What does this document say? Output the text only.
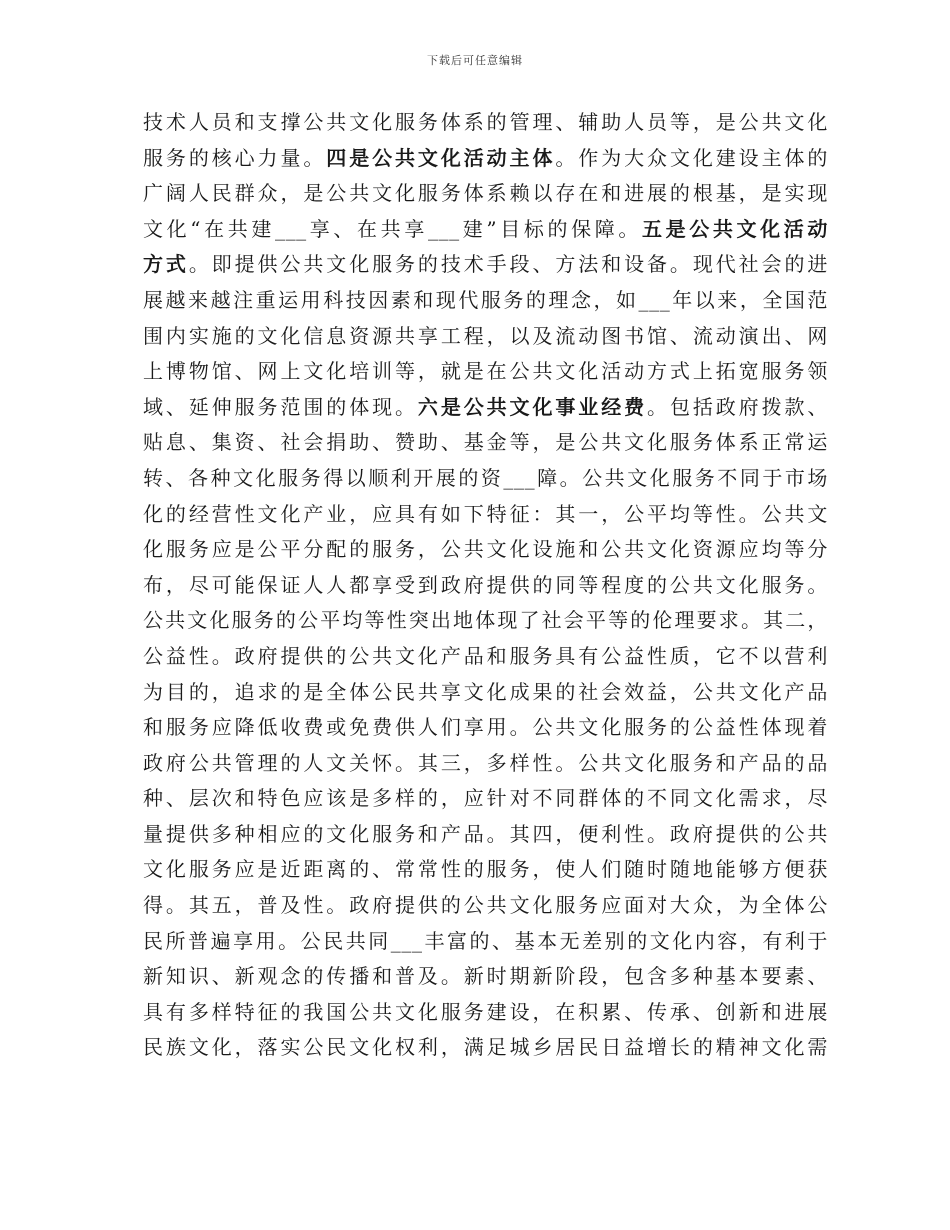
下载后可任意编辑
技术人员和支撑公共文化服务体系的管理、辅助人员等，是公共文化
服务的核心力量。四是公共文化活动主体。作为大众文化建设主体的
广阔人民群众，是公共文化服务体系赖以存在和进展的根基，是实现
文化“在共建___享、在共享___建”目标的保障。五是公共文化活动
方式。即提供公共文化服务的技术手段、方法和设备。现代社会的进
展越来越注重运用科技因素和现代服务的理念，如___年以来，全国范
围内实施的文化信息资源共享工程，以及流动图书馆、流动演出、网
上博物馆、网上文化培训等，就是在公共文化活动方式上拓宽服务领
域、延伸服务范围的体现。六是公共文化事业经费。包括政府拨款、
贴息、集资、社会捐助、赞助、基金等，是公共文化服务体系正常运
转、各种文化服务得以顺利开展的资___障。公共文化服务不同于市场
化的经营性文化产业，应具有如下特征：其一，公平均等性。公共文
化服务应是公平分配的服务，公共文化设施和公共文化资源应均等分
布，尽可能保证人人都享受到政府提供的同等程度的公共文化服务。
公共文化服务的公平均等性突出地体现了社会平等的伦理要求。其二，
公益性。政府提供的公共文化产品和服务具有公益性质，它不以营利
为目的，追求的是全体公民共享文化成果的社会效益，公共文化产品
和服务应降低收费或免费供人们享用。公共文化服务的公益性体现着
政府公共管理的人文关怀。其三，多样性。公共文化服务和产品的品
种、层次和特色应该是多样的，应针对不同群体的不同文化需求，尽
量提供多种相应的文化服务和产品。其四，便利性。政府提供的公共
文化服务应是近距离的、常常性的服务，使人们随时随地能够方便获
得。其五，普及性。政府提供的公共文化服务应面对大众，为全体公
民所普遍享用。公民共同___丰富的、基本无差别的文化内容，有利于
新知识、新观念的传播和普及。新时期新阶段，包含多种基本要素、
具有多样特征的我国公共文化服务建设，在积累、传承、创新和进展
民族文化，落实公民文化权利，满足城乡居民日益增长的精神文化需
